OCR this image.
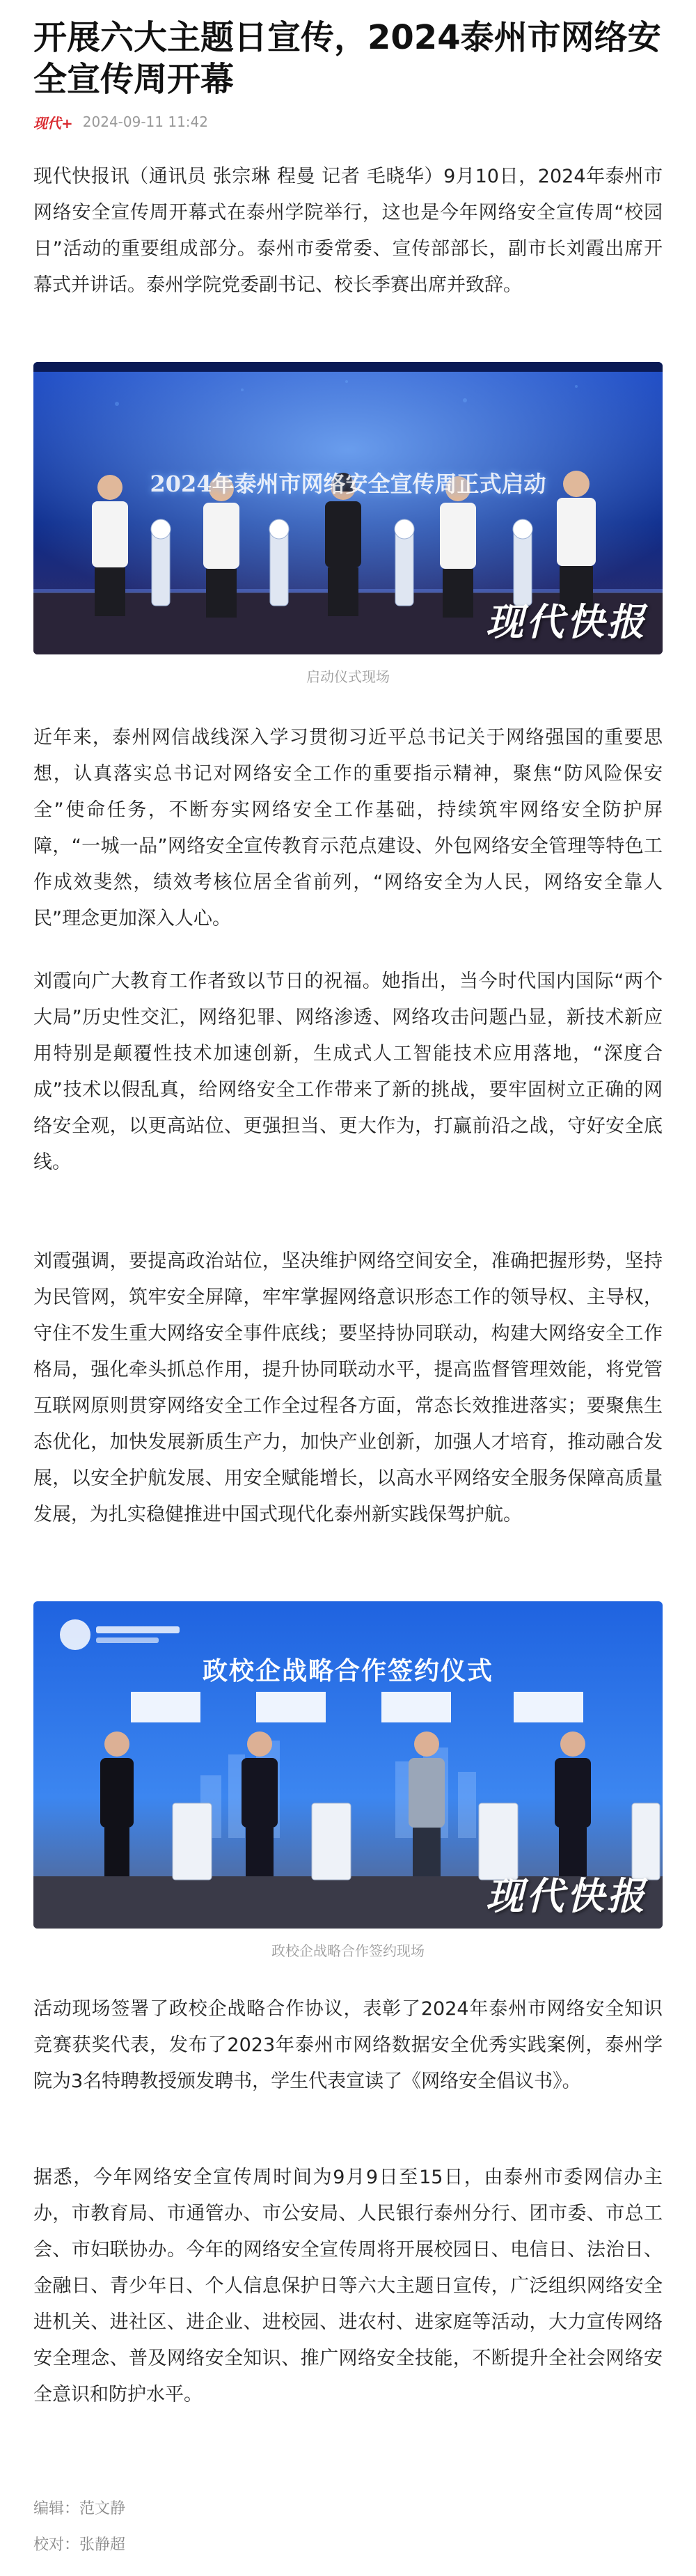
开展六大主题日宣传，2024泰州市网络安全宣传周开幕
现代+ 2024-09-11 11:42

现代快报讯（通讯员 张宗琳 程曼 记者 毛晓华）9月10日，2024年泰州市网络安全宣传周开幕式在泰州学院举行，这也是今年网络安全宣传周“校园日”活动的重要组成部分。泰州市委常委、宣传部部长，副市长刘霞出席开幕式并讲话。泰州学院党委副书记、校长季赛出席并致辞。

2024年泰州市网络安全宣传周正式启动
现代快报
启动仪式现场

近年来，泰州网信战线深入学习贯彻习近平总书记关于网络强国的重要思想，认真落实总书记对网络安全工作的重要指示精神，聚焦“防风险保安全”使命任务，不断夯实网络安全工作基础，持续筑牢网络安全防护屏障，“一城一品”网络安全宣传教育示范点建设、外包网络安全管理等特色工作成效斐然，绩效考核位居全省前列，“网络安全为人民，网络安全靠人民”理念更加深入人心。

刘霞向广大教育工作者致以节日的祝福。她指出，当今时代国内国际“两个大局”历史性交汇，网络犯罪、网络渗透、网络攻击问题凸显，新技术新应用特别是颠覆性技术加速创新，生成式人工智能技术应用落地，“深度合成”技术以假乱真，给网络安全工作带来了新的挑战，要牢固树立正确的网络安全观，以更高站位、更强担当、更大作为，打赢前沿之战，守好安全底线。

刘霞强调，要提高政治站位，坚决维护网络空间安全，准确把握形势，坚持为民管网，筑牢安全屏障，牢牢掌握网络意识形态工作的领导权、主导权，守住不发生重大网络安全事件底线；要坚持协同联动，构建大网络安全工作格局，强化牵头抓总作用，提升协同联动水平，提高监督管理效能，将党管互联网原则贯穿网络安全工作全过程各方面，常态长效推进落实；要聚焦生态优化，加快发展新质生产力，加快产业创新，加强人才培育，推动融合发展，以安全护航发展、用安全赋能增长，以高水平网络安全服务保障高质量发展，为扎实稳健推进中国式现代化泰州新实践保驾护航。

政校企战略合作签约仪式
现代快报
政校企战略合作签约现场

活动现场签署了政校企战略合作协议，表彰了2024年泰州市网络安全知识竞赛获奖代表，发布了2023年泰州市网络数据安全优秀实践案例，泰州学院为3名特聘教授颁发聘书，学生代表宣读了《网络安全倡议书》。

据悉，今年网络安全宣传周时间为9月9日至15日，由泰州市委网信办主办，市教育局、市通管办、市公安局、人民银行泰州分行、团市委、市总工会、市妇联协办。今年的网络安全宣传周将开展校园日、电信日、法治日、金融日、青少年日、个人信息保护日等六大主题日宣传，广泛组织网络安全进机关、进社区、进企业、进校园、进农村、进家庭等活动，大力宣传网络安全理念、普及网络安全知识、推广网络安全技能，不断提升全社会网络安全意识和防护水平。

编辑：范文静
校对：张静超
